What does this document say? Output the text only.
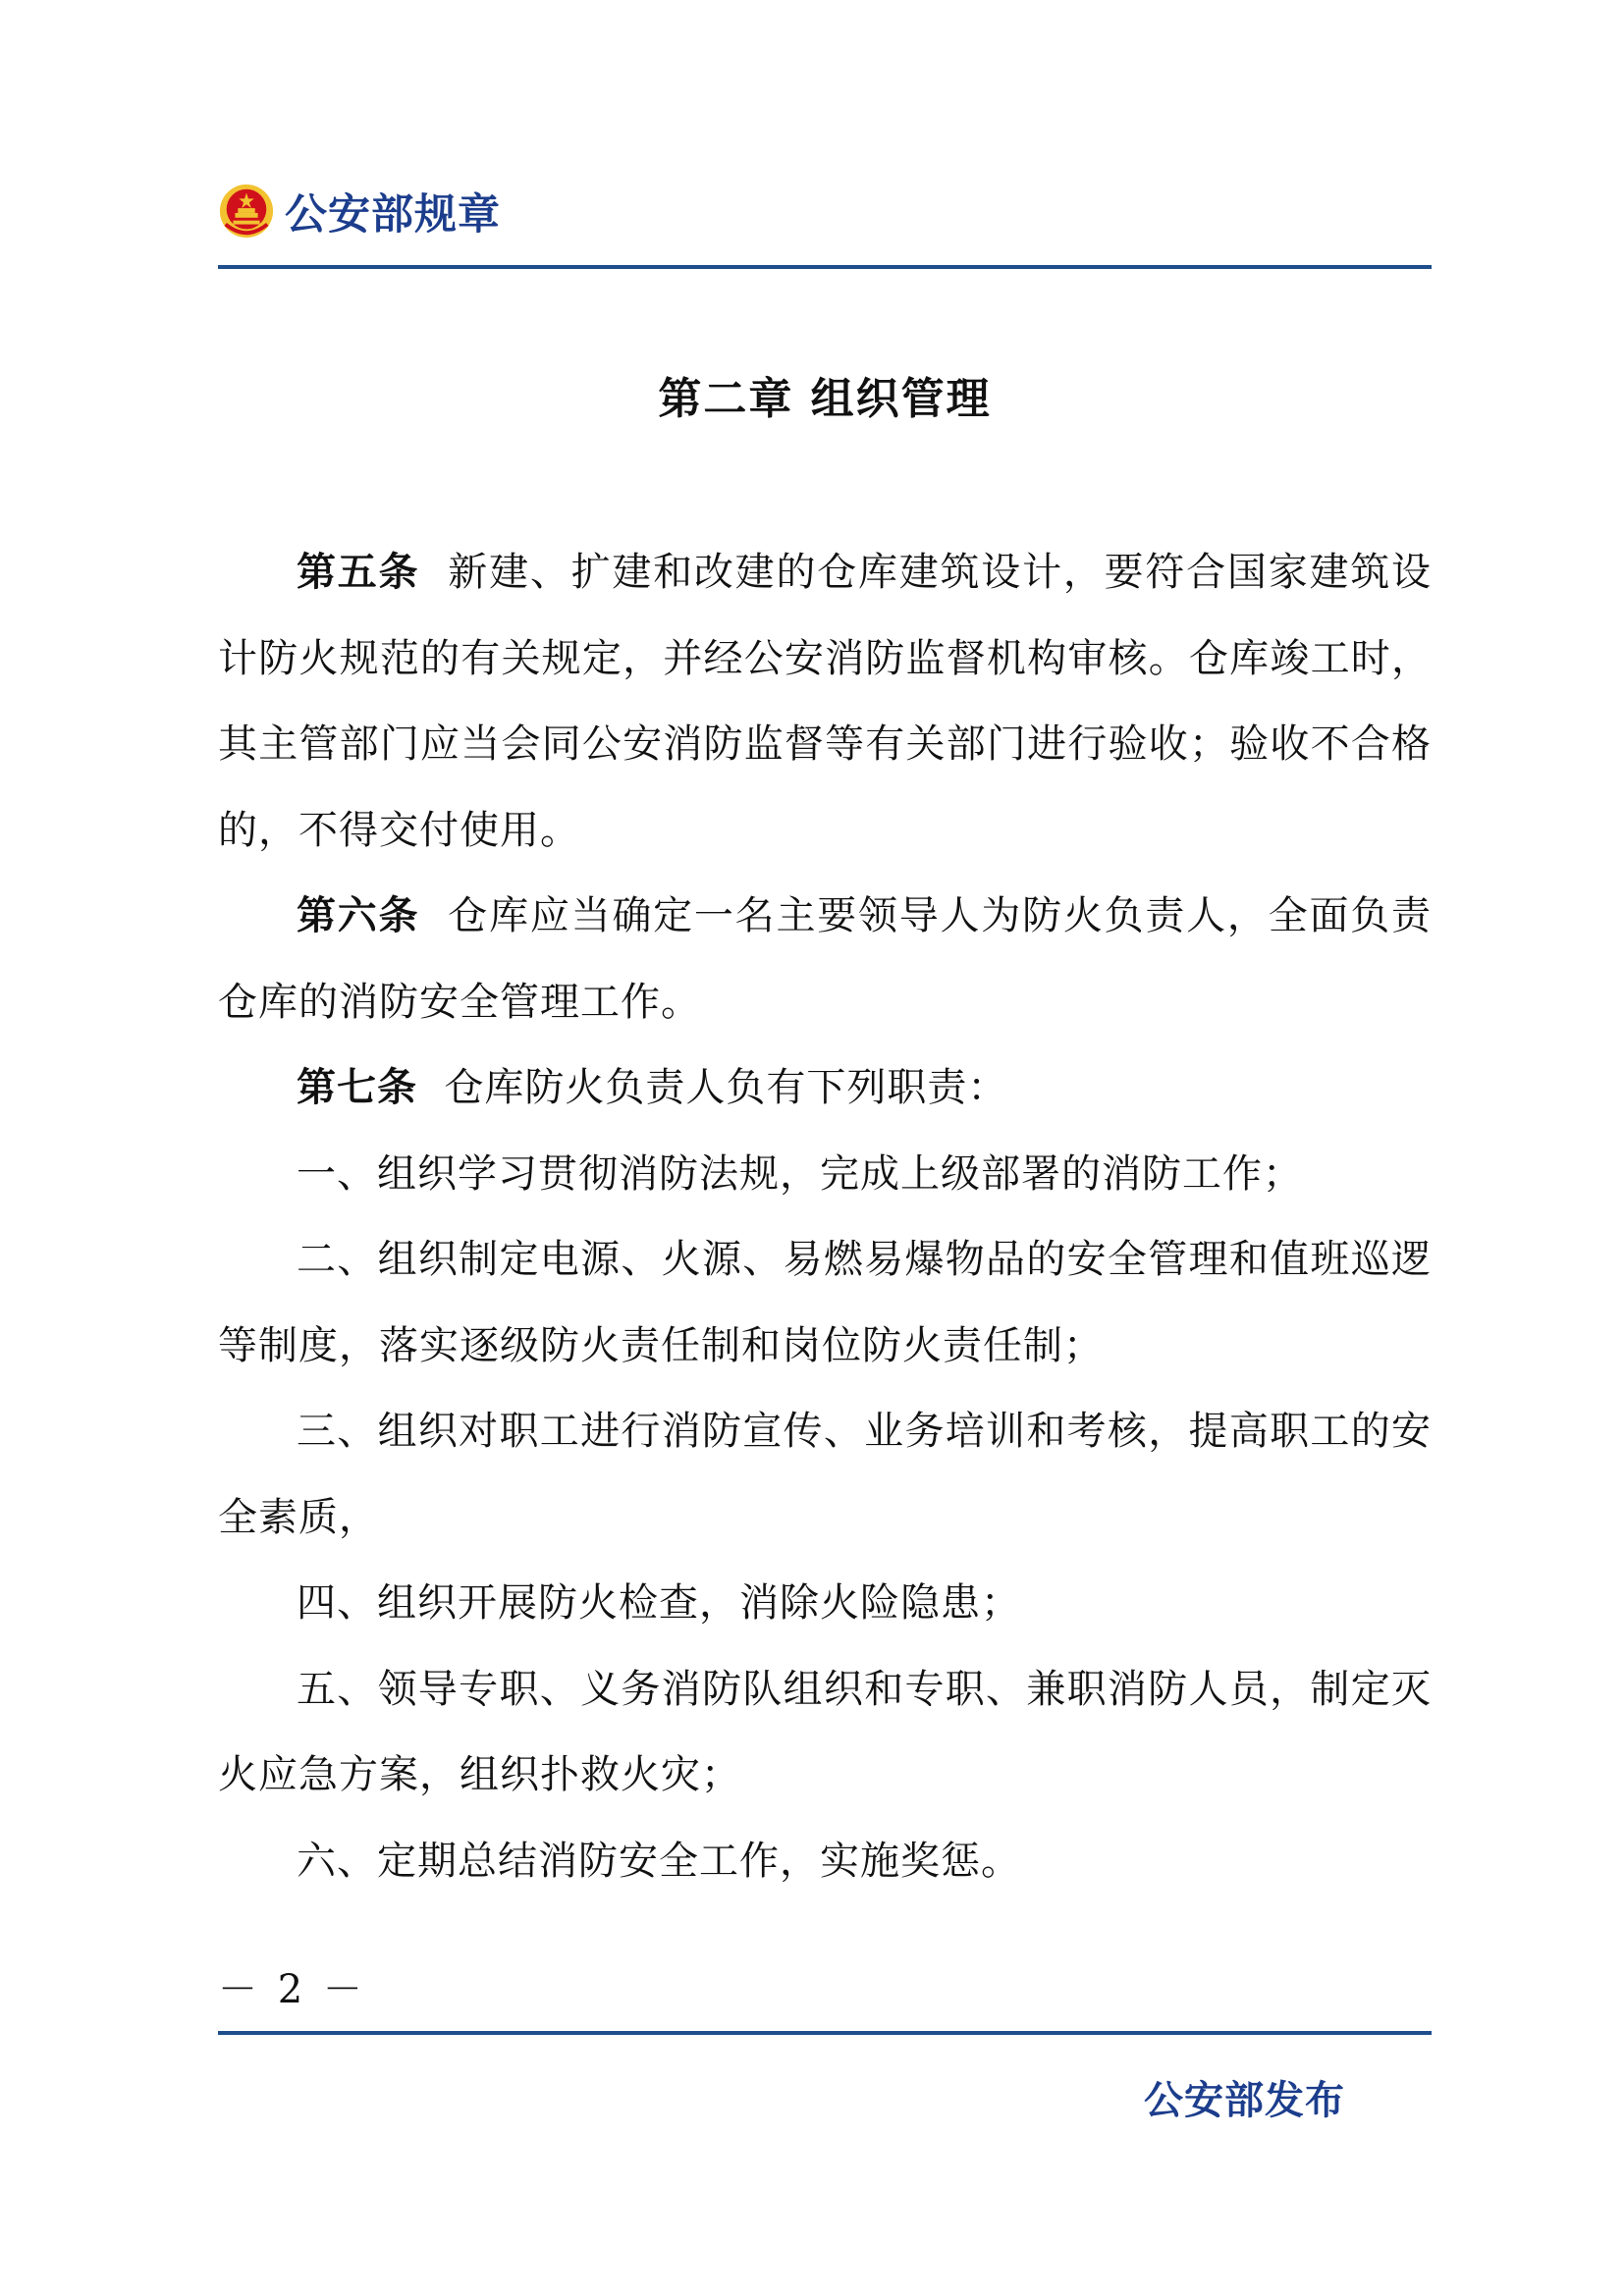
公安部规章
第二章 组织管理

第五条 新建、扩建和改建的仓库建筑设计，要符合国家建筑设计防火规范的有关规定，并经公安消防监督机构审核。仓库竣工时，其主管部门应当会同公安消防监督等有关部门进行验收；验收不合格的，不得交付使用。

第六条 仓库应当确定一名主要领导人为防火负责人，全面负责仓库的消防安全管理工作。

第七条 仓库防火负责人负有下列职责：

一、组织学习贯彻消防法规，完成上级部署的消防工作；

二、组织制定电源、火源、易燃易爆物品的安全管理和值班巡逻等制度，落实逐级防火责任制和岗位防火责任制；

三、组织对职工进行消防宣传、业务培训和考核，提高职工的安全素质，

四、组织开展防火检查，消除火险隐患；

五、领导专职、义务消防队组织和专职、兼职消防人员，制定灭火应急方案，组织扑救火灾；

六、定期总结消防安全工作，实施奖惩。

－ 2 －
公安部发布
